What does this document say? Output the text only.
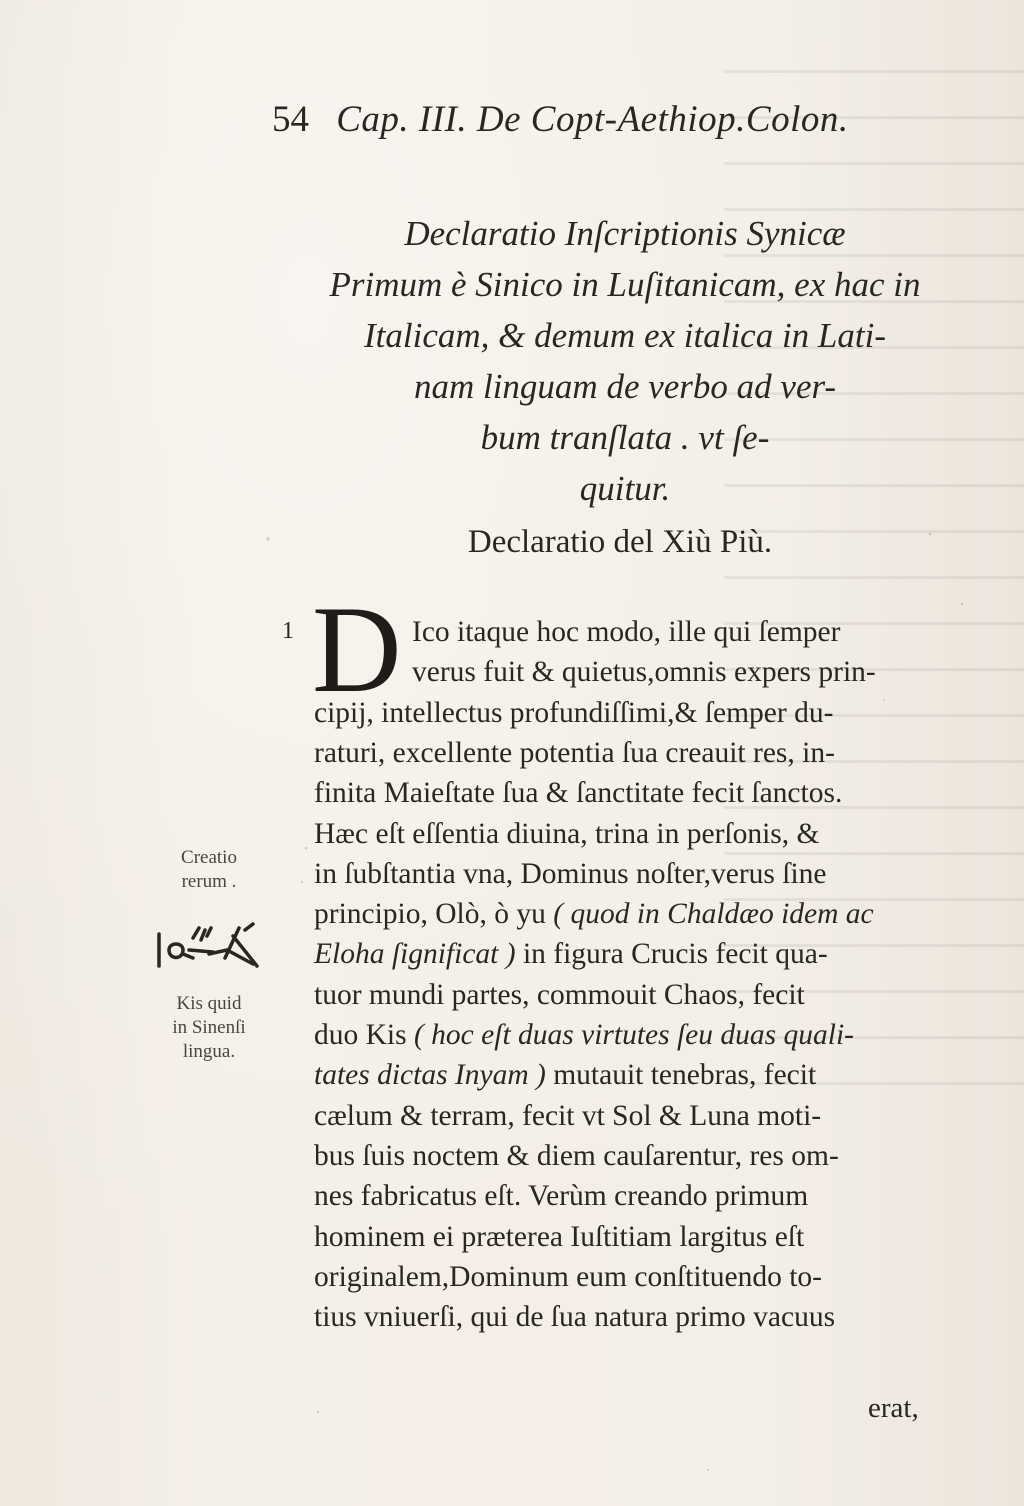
54 Cap. III. De Copt-Aethiop.Colon.
Declaratio Inſcriptionis Synicæ
Primum è Sinico in Luſitanicam, ex hac in
Italicam, & demum ex italica in Lati-
nam linguam de verbo ad ver-
bum tranſlata . vt ſe-
quitur.
Declaratio del Xiù Più.
1 D Ico itaque hoc modo, ille qui ſemper
verus fuit & quietus,omnis expers prin-
cipij, intellectus profundiſſimi,& ſemper du-
raturi, excellente potentia ſua creauit res, in-
finita Maieſtate ſua & ſanctitate fecit ſanctos.
Hæc eſt eſſentia diuina, trina in perſonis, &
in ſubſtantia vna, Dominus noſter,verus ſine
principio, Olò, ò yu ( quod in Chaldæo idem ac
Eloha ſignificat ) in figura Crucis fecit qua-
tuor mundi partes, commouit Chaos, fecit
duo Kis ( hoc eſt duas virtutes ſeu duas quali-
tates dictas Inyam ) mutauit tenebras, fecit
cælum & terram, fecit vt Sol & Luna moti-
bus ſuis noctem & diem cauſarentur, res om-
nes fabricatus eſt. Verùm creando primum
hominem ei præterea Iuſtitiam largitus eſt
originalem,Dominum eum conſtituendo to-
tius vniuerſi, qui de ſua natura primo vacuus
Creatio
rerum .
Kis quid
in Sinenſi
lingua.
erat,
